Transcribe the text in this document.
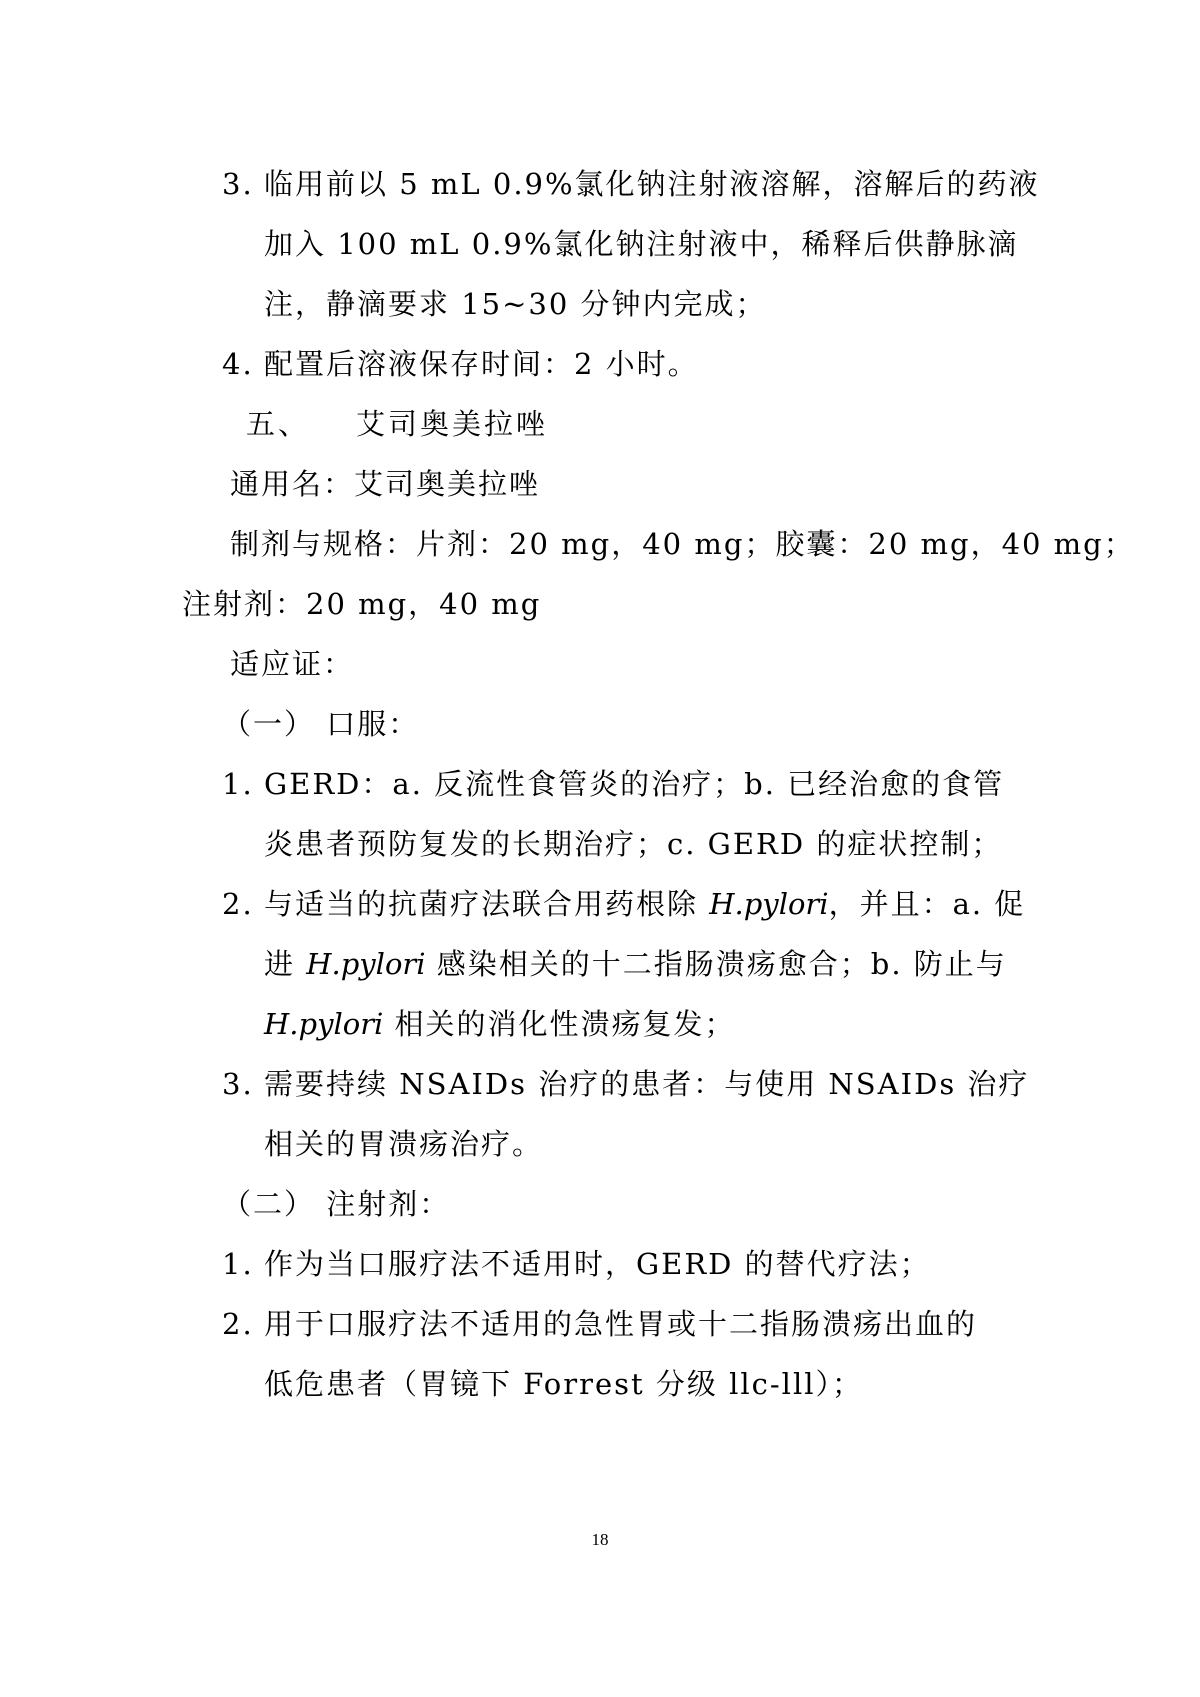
3. 临用前以 5 mL 0.9%氯化钠注射液溶解，溶解后的药液
加入 100 mL 0.9%氯化钠注射液中，稀释后供静脉滴
注，静滴要求 15~30 分钟内完成；
4. 配置后溶液保存时间：2 小时。
五、 艾司奥美拉唑
通用名：艾司奥美拉唑
制剂与规格：片剂：20 mg，40 mg；胶囊：20 mg，40 mg；
注射剂：20 mg，40 mg
适应证：
（一） 口服：
1. GERD：a. 反流性食管炎的治疗；b. 已经治愈的食管
炎患者预防复发的长期治疗；c. GERD 的症状控制；
2. 与适当的抗菌疗法联合用药根除 H.pylori，并且：a. 促
进 H.pylori 感染相关的十二指肠溃疡愈合；b. 防止与
H.pylori 相关的消化性溃疡复发；
3. 需要持续 NSAIDs 治疗的患者：与使用 NSAIDs 治疗
相关的胃溃疡治疗。
（二） 注射剂：
1. 作为当口服疗法不适用时，GERD 的替代疗法；
2. 用于口服疗法不适用的急性胃或十二指肠溃疡出血的
低危患者（胃镜下 Forrest 分级 llc-lll）；
18
